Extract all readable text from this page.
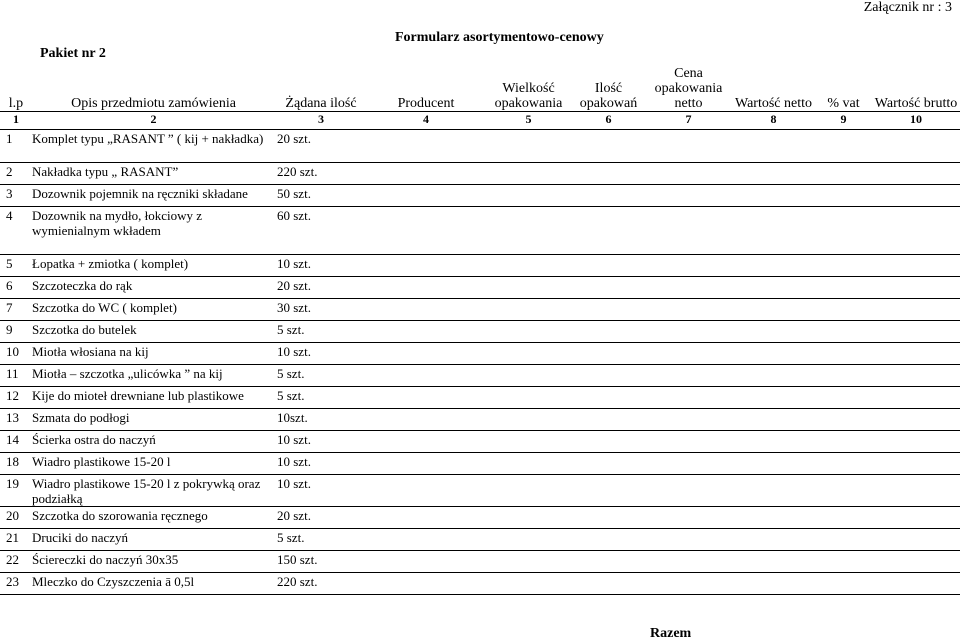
Załącznik nr : 3
Formularz asortymentowo-cenowy
Pakiet nr 2
l.p	Opis przedmiotu zamówienia	Żądana ilość	Producent	Wielkość opakowania	Ilość opakowań	Cena opakowania netto	Wartość netto	% vat	Wartość brutto
1	2	3	4	5	6	7	8	9	10
1	Komplet typu „RASANT ” ( kij + nakładka)	20 szt.							
2	Nakładka typu „ RASANT”	220 szt.							
3	Dozownik pojemnik na ręczniki składane	50 szt.							
4	Dozownik na mydło, łokciowy z wymienialnym wkładem	60 szt.							
5	Łopatka + zmiotka ( komplet)	10 szt.							
6	Szczoteczka do rąk	20 szt.							
7	Szczotka do WC ( komplet)	30 szt.							
9	Szczotka do butelek	5 szt.							
10	Miotła włosiana na kij	10 szt.							
11	Miotła – szczotka „ulicówka ” na kij	5 szt.							
12	Kije do mioteł drewniane lub plastikowe	5 szt.							
13	Szmata do podłogi	10szt.							
14	Ścierka ostra do naczyń	10 szt.							
18	Wiadro plastikowe 15-20 l	10 szt.							
19	Wiadro plastikowe 15-20 l z pokrywką oraz podziałką	10 szt.							
20	Szczotka do szorowania ręcznego	20 szt.							
21	Druciki do naczyń	5 szt.							
22	Ściereczki do naczyń 30x35	150 szt.							
23	Mleczko do Czyszczenia ā 0,5l	220 szt.							
Razem
